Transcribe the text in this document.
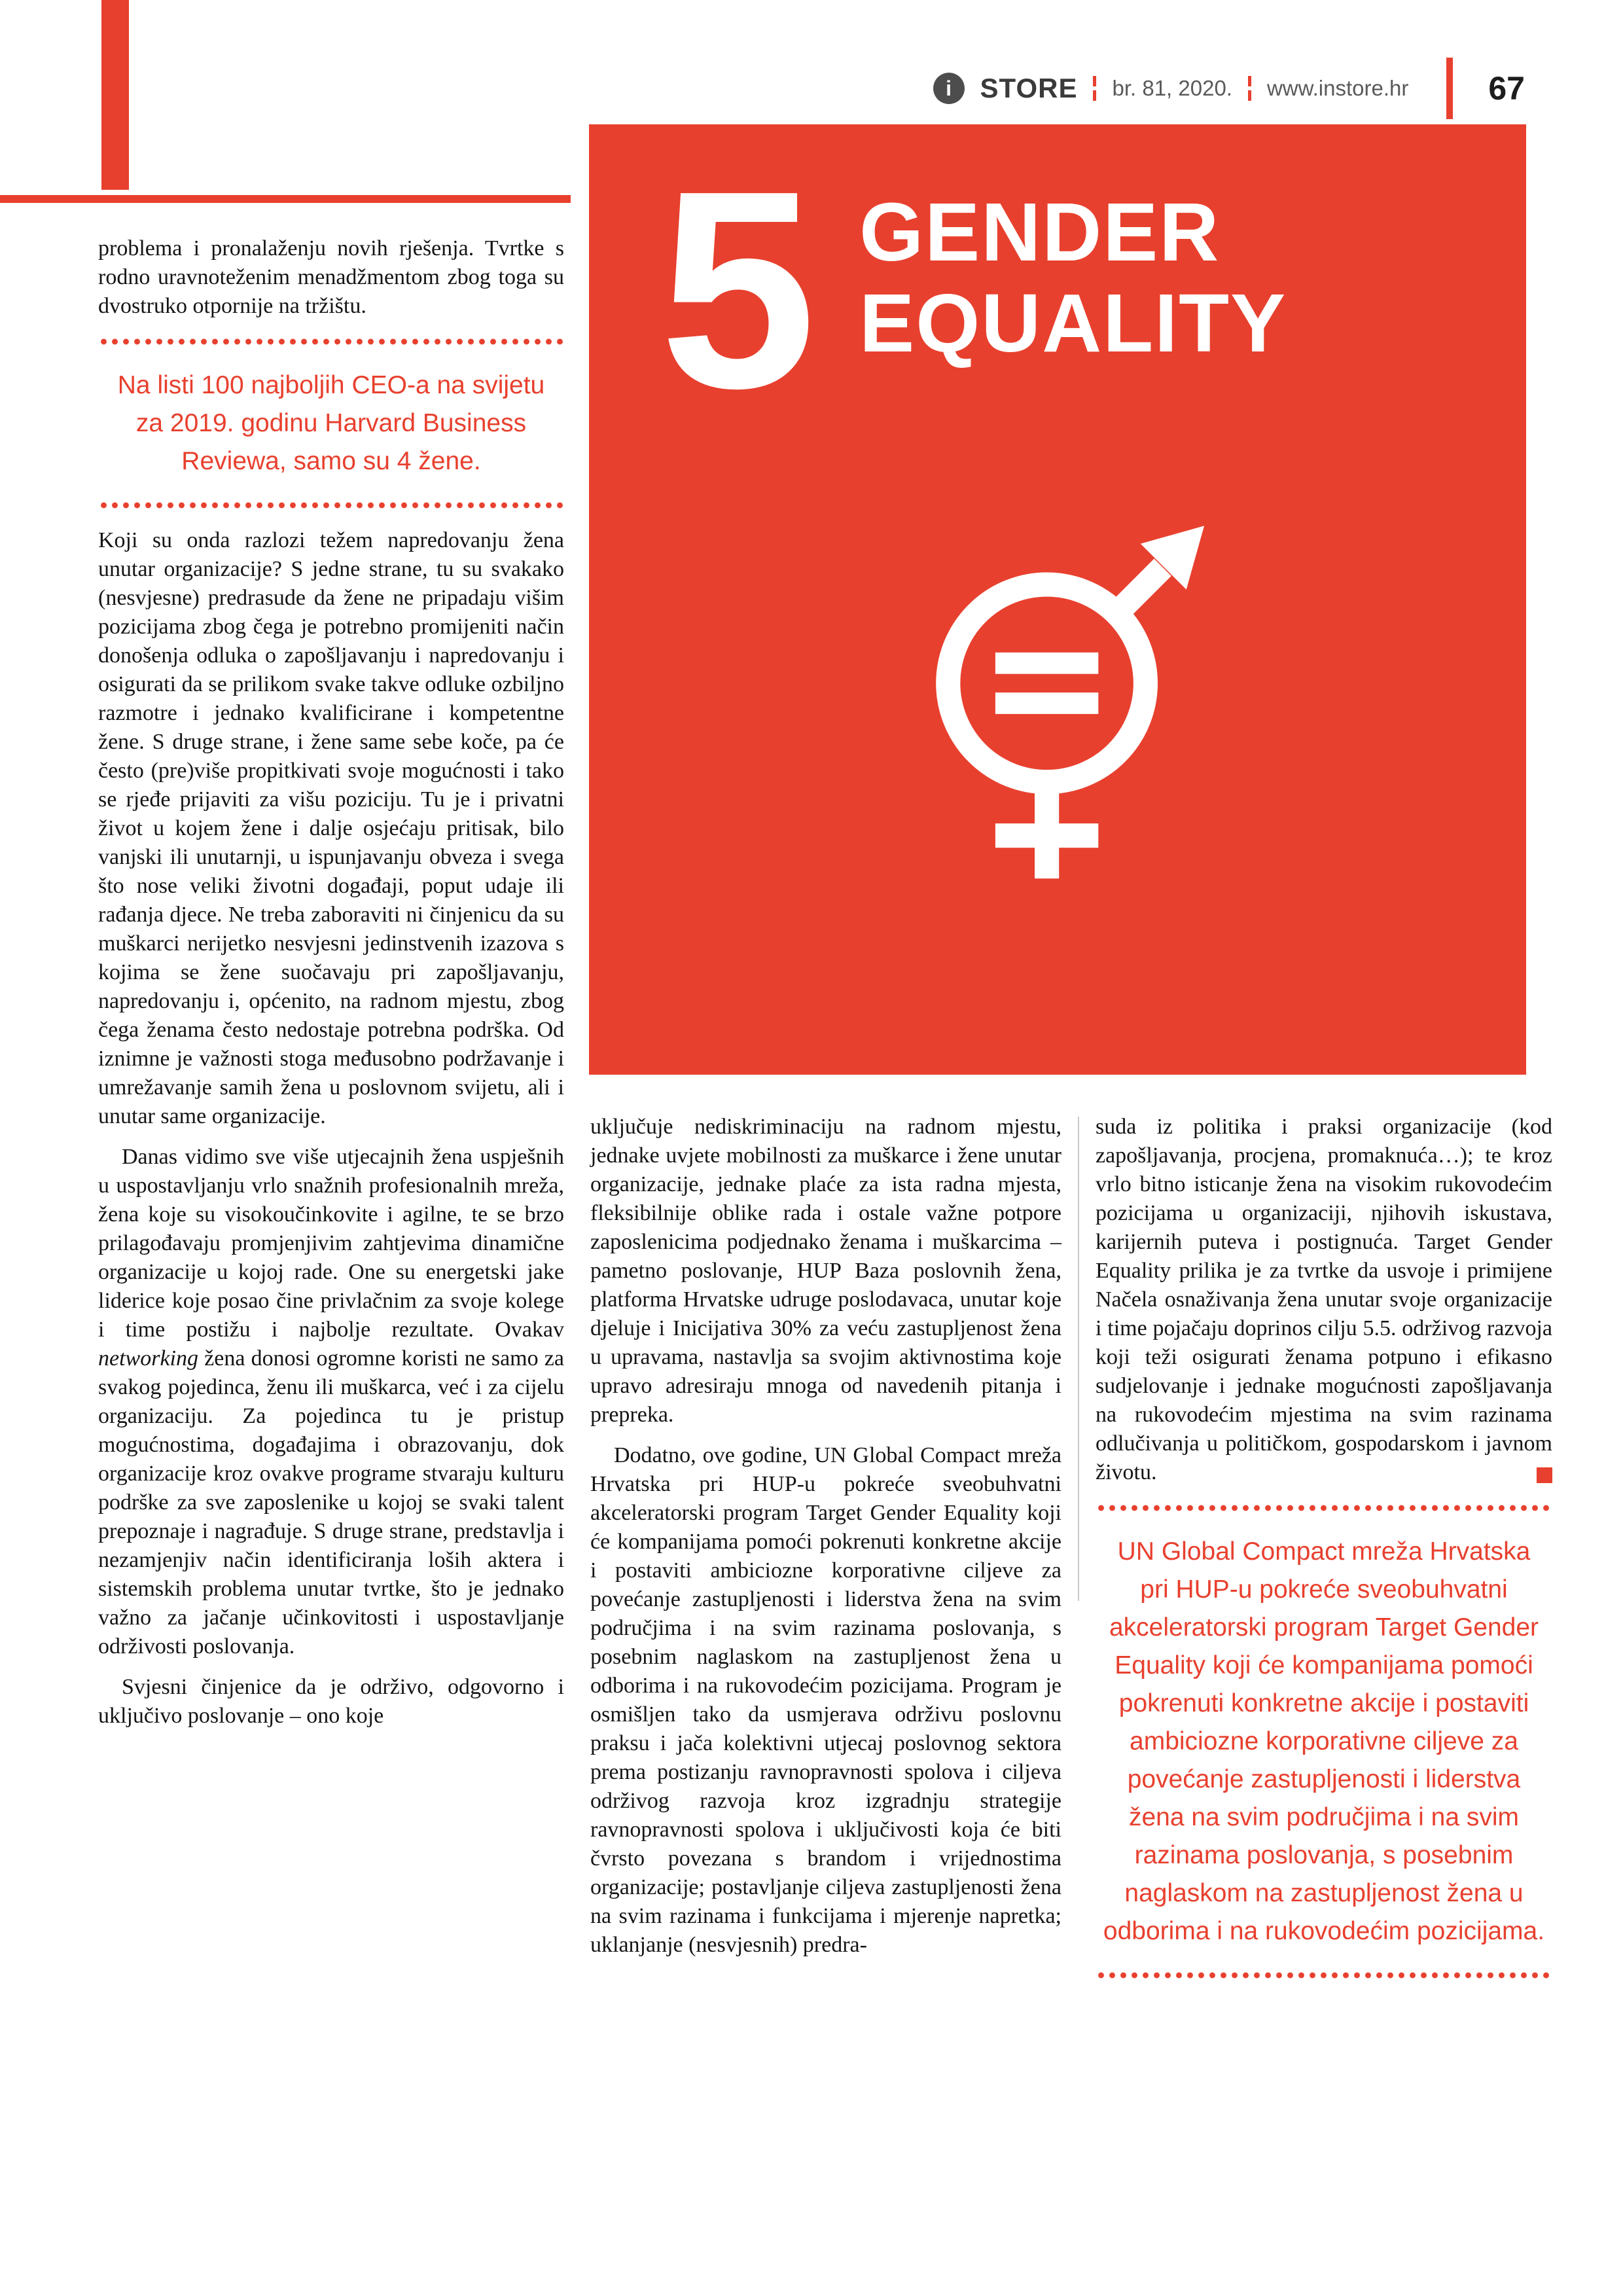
i STORE br. 81, 2020. www.instore.hr 67
5 GENDER
EQUALITY

problema i pronalaženju novih rješenja. Tvrtke s rodno uravnoteženim menadžmentom zbog toga su dvostruko otpornije na tržištu.

Na listi 100 najboljih CEO-a na svijetu za 2019. godinu Harvard Business Reviewa, samo su 4 žene.

Koji su onda razlozi težem napredovanju žena unutar organizacije? S jedne strane, tu su svakako (nesvjesne) predrasude da žene ne pripadaju višim pozicijama zbog čega je potrebno promijeniti način donošenja odluka o zapošljavanju i napredovanju i osigurati da se prilikom svake takve odluke ozbiljno razmotre i jednako kvalificirane i kompetentne žene. S druge strane, i žene same sebe koče, pa će često (pre)više propitkivati svoje mogućnosti i tako se rjeđe prijaviti za višu poziciju. Tu je i privatni život u kojem žene i dalje osjećaju pritisak, bilo vanjski ili unutarnji, u ispunjavanju obveza i svega što nose veliki životni događaji, poput udaje ili rađanja djece. Ne treba zaboraviti ni činjenicu da su muškarci nerijetko nesvjesni jedinstvenih izazova s kojima se žene suočavaju pri zapošljavanju, napredovanju i, općenito, na radnom mjestu, zbog čega ženama često nedostaje potrebna podrška. Od iznimne je važnosti stoga međusobno podržavanje i umrežavanje samih žena u poslovnom svijetu, ali i unutar same organizacije.

Danas vidimo sve više utjecajnih žena uspješnih u uspostavljanju vrlo snažnih profesionalnih mreža, žena koje su visokoučinkovite i agilne, te se brzo prilagođavaju promjenjivim zahtjevima dinamične organizacije u kojoj rade. One su energetski jake liderice koje posao čine privlačnim za svoje kolege i time postižu i najbolje rezultate. Ovakav networking žena donosi ogromne koristi ne samo za svakog pojedinca, ženu ili muškarca, već i za cijelu organizaciju. Za pojedinca tu je pristup mogućnostima, događajima i obrazovanju, dok organizacije kroz ovakve programe stvaraju kulturu podrške za sve zaposlenike u kojoj se svaki talent prepoznaje i nagrađuje. S druge strane, predstavlja i nezamjenjiv način identificiranja loših aktera i sistemskih problema unutar tvrtke, što je jednako važno za jačanje učinkovitosti i uspostavljanje održivosti poslovanja.

Svjesni činjenice da je održivo, odgovorno i uključivo poslovanje – ono koje

uključuje nediskriminaciju na radnom mjestu, jednake uvjete mobilnosti za muškarce i žene unutar organizacije, jednake plaće za ista radna mjesta, fleksibilnije oblike rada i ostale važne potpore zaposlenicima podjednako ženama i muškarcima – pametno poslovanje, HUP Baza poslovnih žena, platforma Hrvatske udruge poslodavaca, unutar koje djeluje i Inicijativa 30% za veću zastupljenost žena u upravama, nastavlja sa svojim aktivnostima koje upravo adresiraju mnoga od navedenih pitanja i prepreka.

Dodatno, ove godine, UN Global Compact mreža Hrvatska pri HUP-u pokreće sveobuhvatni akceleratorski program Target Gender Equality koji će kompanijama pomoći pokrenuti konkretne akcije i postaviti ambiciozne korporativne ciljeve za povećanje zastupljenosti i liderstva žena na svim područjima i na svim razinama poslovanja, s posebnim naglaskom na zastupljenost žena u odborima i na rukovodećim pozicijama. Program je osmišljen tako da usmjerava održivu poslovnu praksu i jača kolektivni utjecaj poslovnog sektora prema postizanju ravnopravnosti spolova i ciljeva održivog razvoja kroz izgradnju strategije ravnopravnosti spolova i uključivosti koja će biti čvrsto povezana s brandom i vrijednostima organizacije; postavljanje ciljeva zastupljenosti žena na svim razinama i funkcijama i mjerenje napretka; uklanjanje (nesvjesnih) predra-

suda iz politika i praksi organizacije (kod zapošljavanja, procjena, promaknuća…); te kroz vrlo bitno isticanje žena na visokim rukovodećim pozicijama u organizaciji, njihovih iskustava, karijernih puteva i postignuća. Target Gender Equality prilika je za tvrtke da usvoje i primijene Načela osnaživanja žena unutar svoje organizacije i time pojačaju doprinos cilju 5.5. održivog razvoja koji teži osigurati ženama potpuno i efikasno sudjelovanje i jednake mogućnosti zapošljavanja na rukovodećim mjestima na svim razinama odlučivanja u političkom, gospodarskom i javnom životu.

UN Global Compact mreža Hrvatska pri HUP-u pokreće sveobuhvatni akceleratorski program Target Gender Equality koji će kompanijama pomoći pokrenuti konkretne akcije i postaviti ambiciozne korporativne ciljeve za povećanje zastupljenosti i liderstva žena na svim područjima i na svim razinama poslovanja, s posebnim naglaskom na zastupljenost žena u odborima i na rukovodećim pozicijama.
